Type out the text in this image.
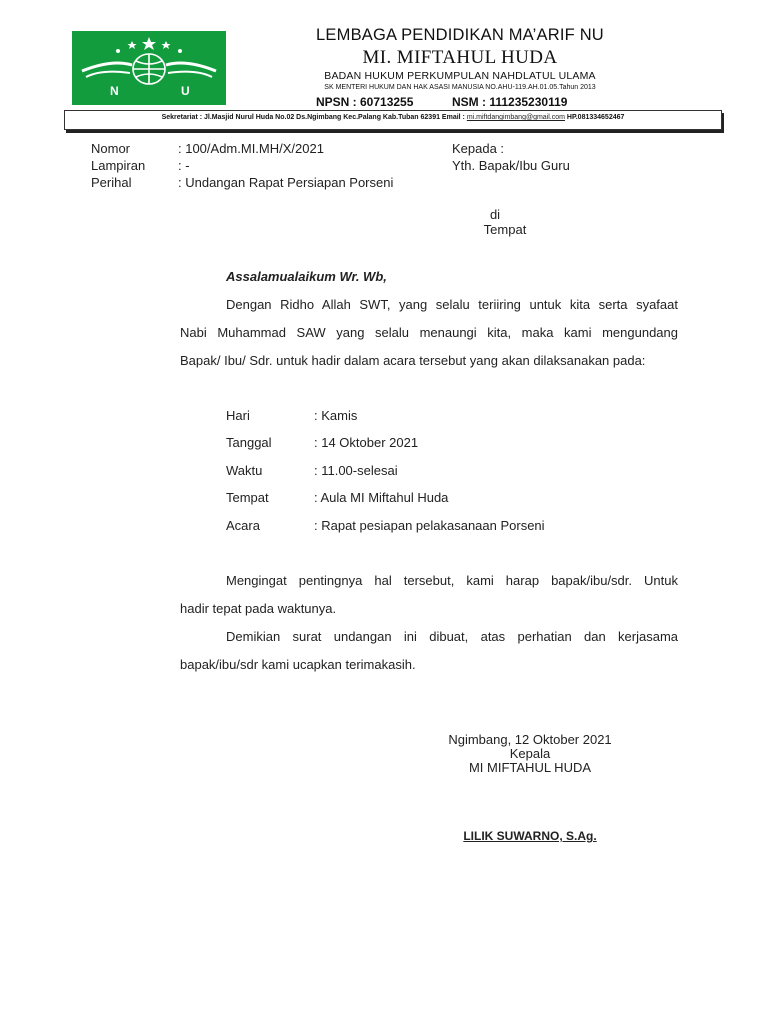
N	U
LEMBAGA PENDIDIKAN MA’ARIF NU
MI. MIFTAHUL HUDA
BADAN HUKUM PERKUMPULAN NAHDLATUL ULAMA
SK MENTERI HUKUM DAN HAK ASASI MANUSIA NO.AHU-119.AH.01.05.Tahun 2013
NPSN : 60713255	NSM : 111235230119
Sekretariat : Jl.Masjid Nurul Huda No.02 Ds.Ngimbang Kec.Palang Kab.Tuban 62391 Email : mi.miftdangimbang@gmail.com HP.081334652467
Nomor	: 100/Adm.MI.MH/X/2021
Lampiran	: -
Perihal	: Undangan Rapat Persiapan Porseni
Kepada :
Yth. Bapak/Ibu Guru
di
Tempat
Assalamualaikum Wr. Wb,
Dengan Ridho Allah SWT, yang selalu teriiring untuk kita serta syafaat
Nabi Muhammad SAW yang selalu menaungi kita, maka kami mengundang
Bapak/ Ibu/ Sdr. untuk hadir dalam acara tersebut yang akan dilaksanakan pada:
Hari	: Kamis
Tanggal	: 14 Oktober 2021
Waktu	: 11.00-selesai
Tempat	: Aula MI Miftahul Huda
Acara	: Rapat pesiapan pelakasanaan Porseni
Mengingat pentingnya hal tersebut, kami harap bapak/ibu/sdr. Untuk
hadir tepat pada waktunya.
Demikian surat undangan ini dibuat, atas perhatian dan kerjasama
bapak/ibu/sdr kami ucapkan terimakasih.
Ngimbang, 12 Oktober 2021
Kepala
MI MIFTAHUL HUDA
LILIK SUWARNO, S.Ag.
